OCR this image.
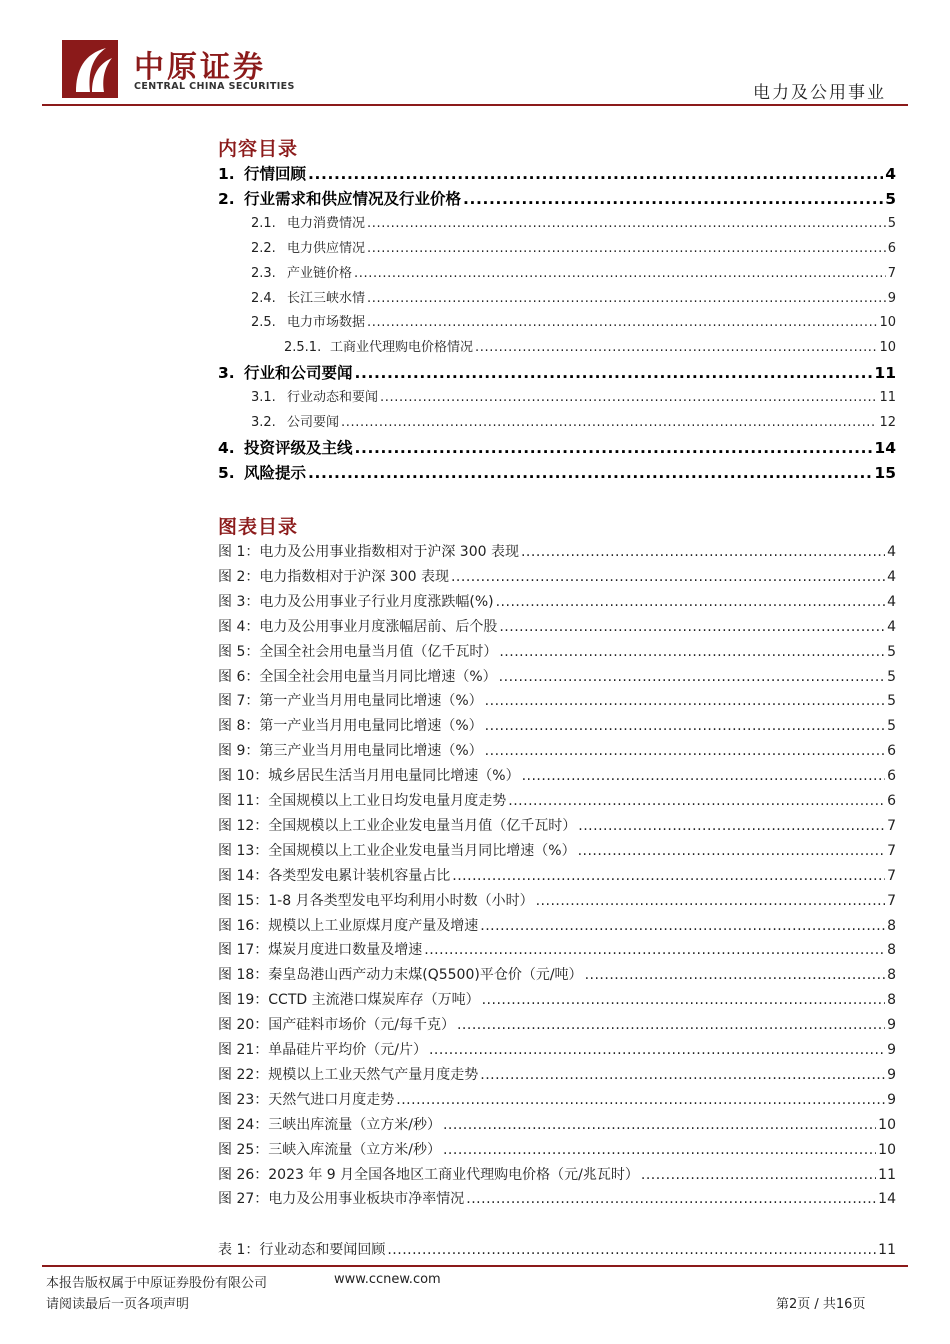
中原证券
CENTRAL CHINA SECURITIES	电力及公用事业
内容目录
1. 行情回顾 .....	4
2. 行业需求和供应情况及行业价格 .....	5
2.1. 电力消费情况 .....	5
2.2. 电力供应情况 .....	6
2.3. 产业链价格 .....	7
2.4. 长江三峡水情 .....	9
2.5. 电力市场数据 .....	10
2.5.1. 工商业代理购电价格情况 .....	10
3. 行业和公司要闻 .....	11
3.1. 行业动态和要闻 .....	11
3.2. 公司要闻 .....	12
4. 投资评级及主线 .....	14
5. 风险提示 .....	15
图表目录
图 1：电力及公用事业指数相对于沪深 300 表现 .....	4
图 2：电力指数相对于沪深 300 表现 .....	4
图 3：电力及公用事业子行业月度涨跌幅(%) .....	4
图 4：电力及公用事业月度涨幅居前、后个股 .....	4
图 5：全国全社会用电量当月值（亿千瓦时） .....	5
图 6：全国全社会用电量当月同比增速（%） .....	5
图 7：第一产业当月用电量同比增速（%） .....	5
图 8：第一产业当月用电量同比增速（%） .....	5
图 9：第三产业当月用电量同比增速（%） .....	6
图 10：城乡居民生活当月用电量同比增速（%） .....	6
图 11：全国规模以上工业日均发电量月度走势 .....	6
图 12：全国规模以上工业企业发电量当月值（亿千瓦时） .....	7
图 13：全国规模以上工业企业发电量当月同比增速（%） .....	7
图 14：各类型发电累计装机容量占比 .....	7
图 15：1-8 月各类型发电平均利用小时数（小时） .....	7
图 16：规模以上工业原煤月度产量及增速 .....	8
图 17：煤炭月度进口数量及增速 .....	8
图 18：秦皇岛港山西产动力末煤(Q5500)平仓价（元/吨） .....	8
图 19：CCTD 主流港口煤炭库存（万吨） .....	8
图 20：国产硅料市场价（元/每千克） .....	9
图 21：单晶硅片平均价（元/片） .....	9
图 22：规模以上工业天然气产量月度走势 .....	9
图 23：天然气进口月度走势 .....	9
图 24：三峡出库流量（立方米/秒） .....	10
图 25：三峡入库流量（立方米/秒） .....	10
图 26：2023 年 9 月全国各地区工商业代理购电价格（元/兆瓦时） .....	11
图 27：电力及公用事业板块市净率情况 .....	14
表 1：行业动态和要闻回顾 .....	11
本报告版权属于中原证券股份有限公司	www.ccnew.com
请阅读最后一页各项声明	第2页 / 共16页
